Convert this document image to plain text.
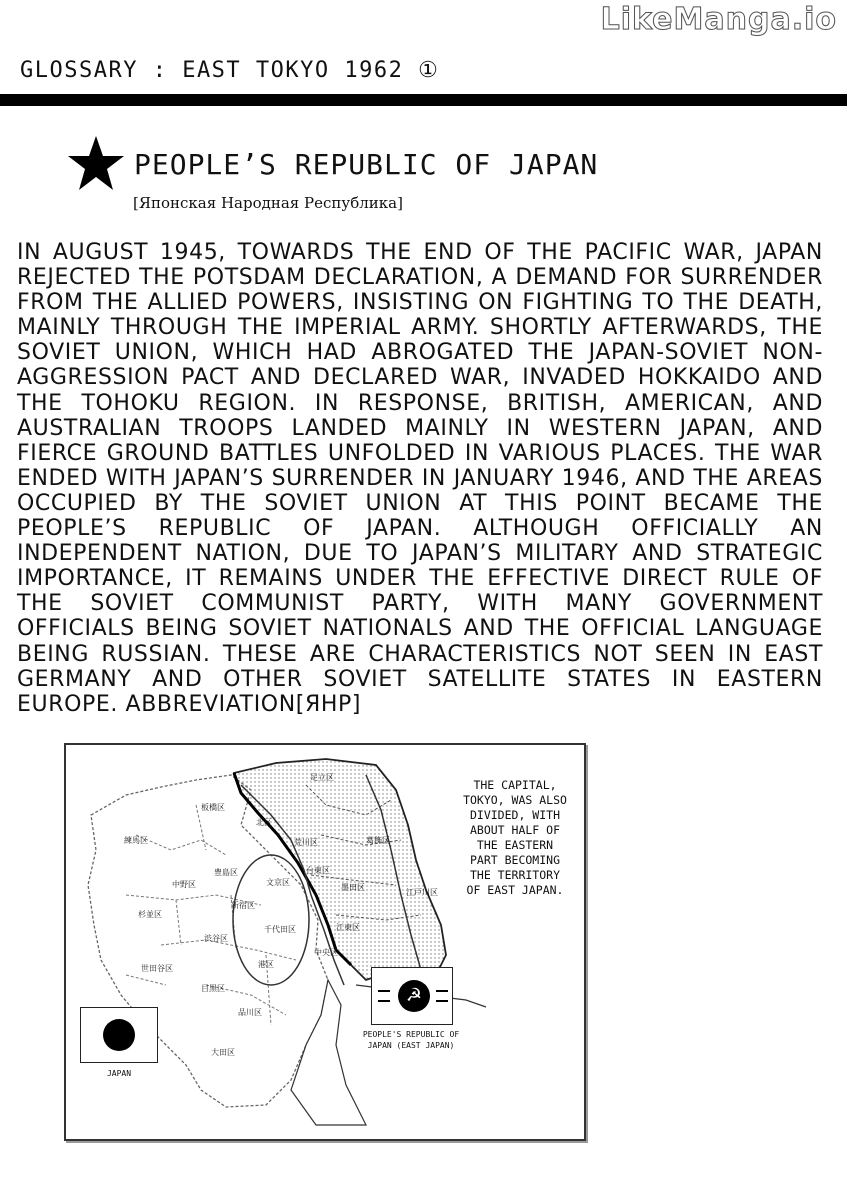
LikeManga.io
GLOSSARY : EAST TOKYO 1962 ①
PEOPLE’S REPUBLIC OF JAPAN
[Японская Народная Республика]
IN AUGUST 1945, TOWARDS THE END OF THE PACIFIC WAR, JAPAN REJECTED THE POTSDAM DECLARATION, A DEMAND FOR SURRENDER FROM THE ALLIED POWERS, INSISTING ON FIGHTING TO THE DEATH, MAINLY THROUGH THE IMPERIAL ARMY. SHORTLY AFTERWARDS, THE SOVIET UNION, WHICH HAD ABROGATED THE JAPAN-SOVIET NON-AGGRESSION PACT AND DECLARED WAR, INVADED HOKKAIDO AND THE TOHOKU REGION. IN RESPONSE, BRITISH, AMERICAN, AND AUSTRALIAN TROOPS LANDED MAINLY IN WESTERN JAPAN, AND FIERCE GROUND BATTLES UNFOLDED IN VARIOUS PLACES. THE WAR ENDED WITH JAPAN’S SURRENDER IN JANUARY 1946, AND THE AREAS OCCUPIED BY THE SOVIET UNION AT THIS POINT BECAME THE PEOPLE’S REPUBLIC OF JAPAN. ALTHOUGH OFFICIALLY AN INDEPENDENT NATION, DUE TO JAPAN’S MILITARY AND STRATEGIC IMPORTANCE, IT REMAINS UNDER THE EFFECTIVE DIRECT RULE OF THE SOVIET COMMUNIST PARTY, WITH MANY GOVERNMENT OFFICIALS BEING SOVIET NATIONALS AND THE OFFICIAL LANGUAGE BEING RUSSIAN. THESE ARE CHARACTERISTICS NOT SEEN IN EAST GERMANY AND OTHER SOVIET SATELLITE STATES IN EASTERN EUROPE. ABBREVIATION[ЯНР]
板橋区
練馬区
豊島区
中野区
杉並区
新宿区
渋谷区
世田谷区
目黒区
品川区
大田区
港区
千代田区
文京区
北区
中央区
足立区
荒川区	葛飾区
台東区
墨田区
江戸川区
江東区
JAPAN
☭
PEOPLE'S REPUBLIC OF JAPAN (EAST JAPAN)
THE CAPITAL, TOKYO, WAS ALSO DIVIDED, WITH ABOUT HALF OF THE EASTERN PART BECOMING THE TERRITORY OF EAST JAPAN.
